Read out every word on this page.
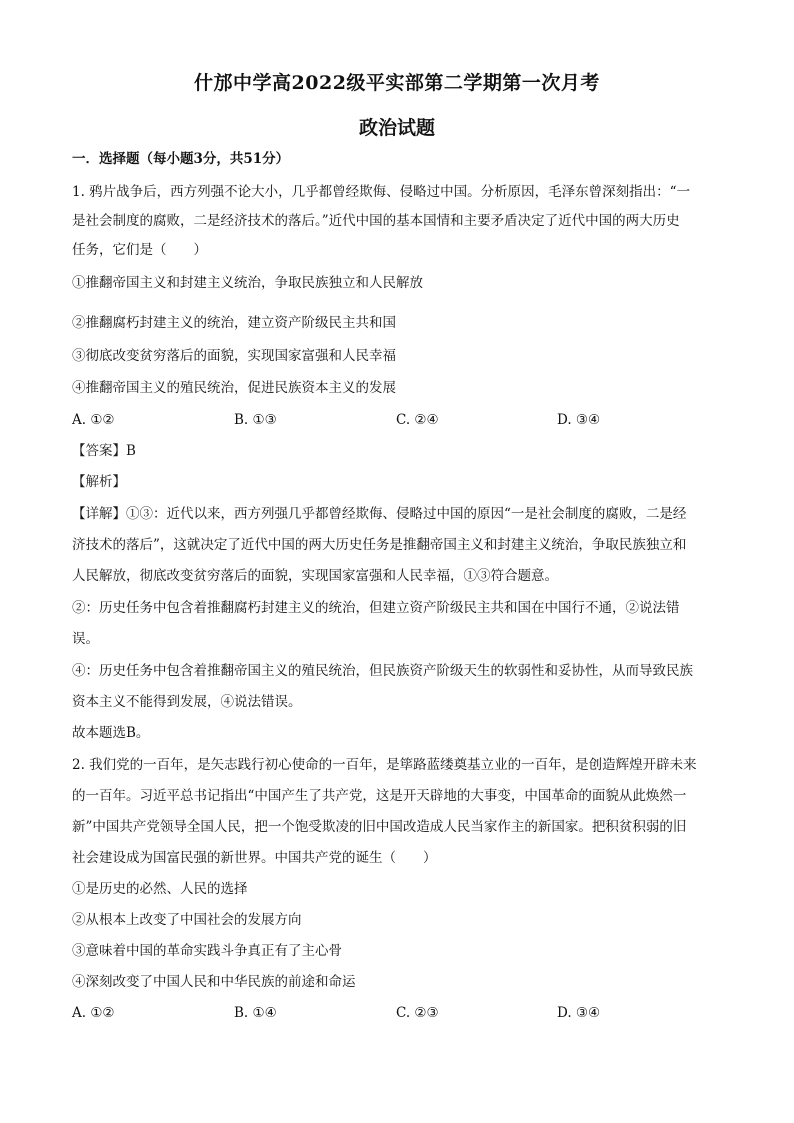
什邡中学高2022级平实部第二学期第一次月考
政治试题
一．选择题（每小题3分，共51分）
1. 鸦片战争后，西方列强不论大小，几乎都曾经欺侮、侵略过中国。分析原因，毛泽东曾深刻指出：“一
是社会制度的腐败，二是经济技术的落后。”近代中国的基本国情和主要矛盾决定了近代中国的两大历史
任务，它们是（　　）
①推翻帝国主义和封建主义统治，争取民族独立和人民解放
②推翻腐朽封建主义的统治，建立资产阶级民主共和国
③彻底改变贫穷落后的面貌，实现国家富强和人民幸福
④推翻帝国主义的殖民统治，促进民族资本主义的发展
A. ①②	B. ①③	C. ②④	D. ③④
【答案】B
【解析】
【详解】①③：近代以来，西方列强几乎都曾经欺侮、侵略过中国的原因“一是社会制度的腐败，二是经
济技术的落后”，这就决定了近代中国的两大历史任务是推翻帝国主义和封建主义统治，争取民族独立和
人民解放，彻底改变贫穷落后的面貌，实现国家富强和人民幸福，①③符合题意。
②：历史任务中包含着推翻腐朽封建主义的统治，但建立资产阶级民主共和国在中国行不通，②说法错
误。
④：历史任务中包含着推翻帝国主义的殖民统治，但民族资产阶级天生的软弱性和妥协性，从而导致民族
资本主义不能得到发展，④说法错误。
故本题选B。
2. 我们党的一百年，是矢志践行初心使命的一百年，是筚路蓝缕奠基立业的一百年，是创造辉煌开辟未来
的一百年。习近平总书记指出“中国产生了共产党，这是开天辟地的大事变，中国革命的面貌从此焕然一
新”中国共产党领导全国人民，把一个饱受欺凌的旧中国改造成人民当家作主的新国家。把积贫积弱的旧
社会建设成为国富民强的新世界。中国共产党的诞生（　　）
①是历史的必然、人民的选择
②从根本上改变了中国社会的发展方向
③意味着中国的革命实践斗争真正有了主心骨
④深刻改变了中国人民和中华民族的前途和命运
A. ①②	B. ①④	C. ②③	D. ③④
